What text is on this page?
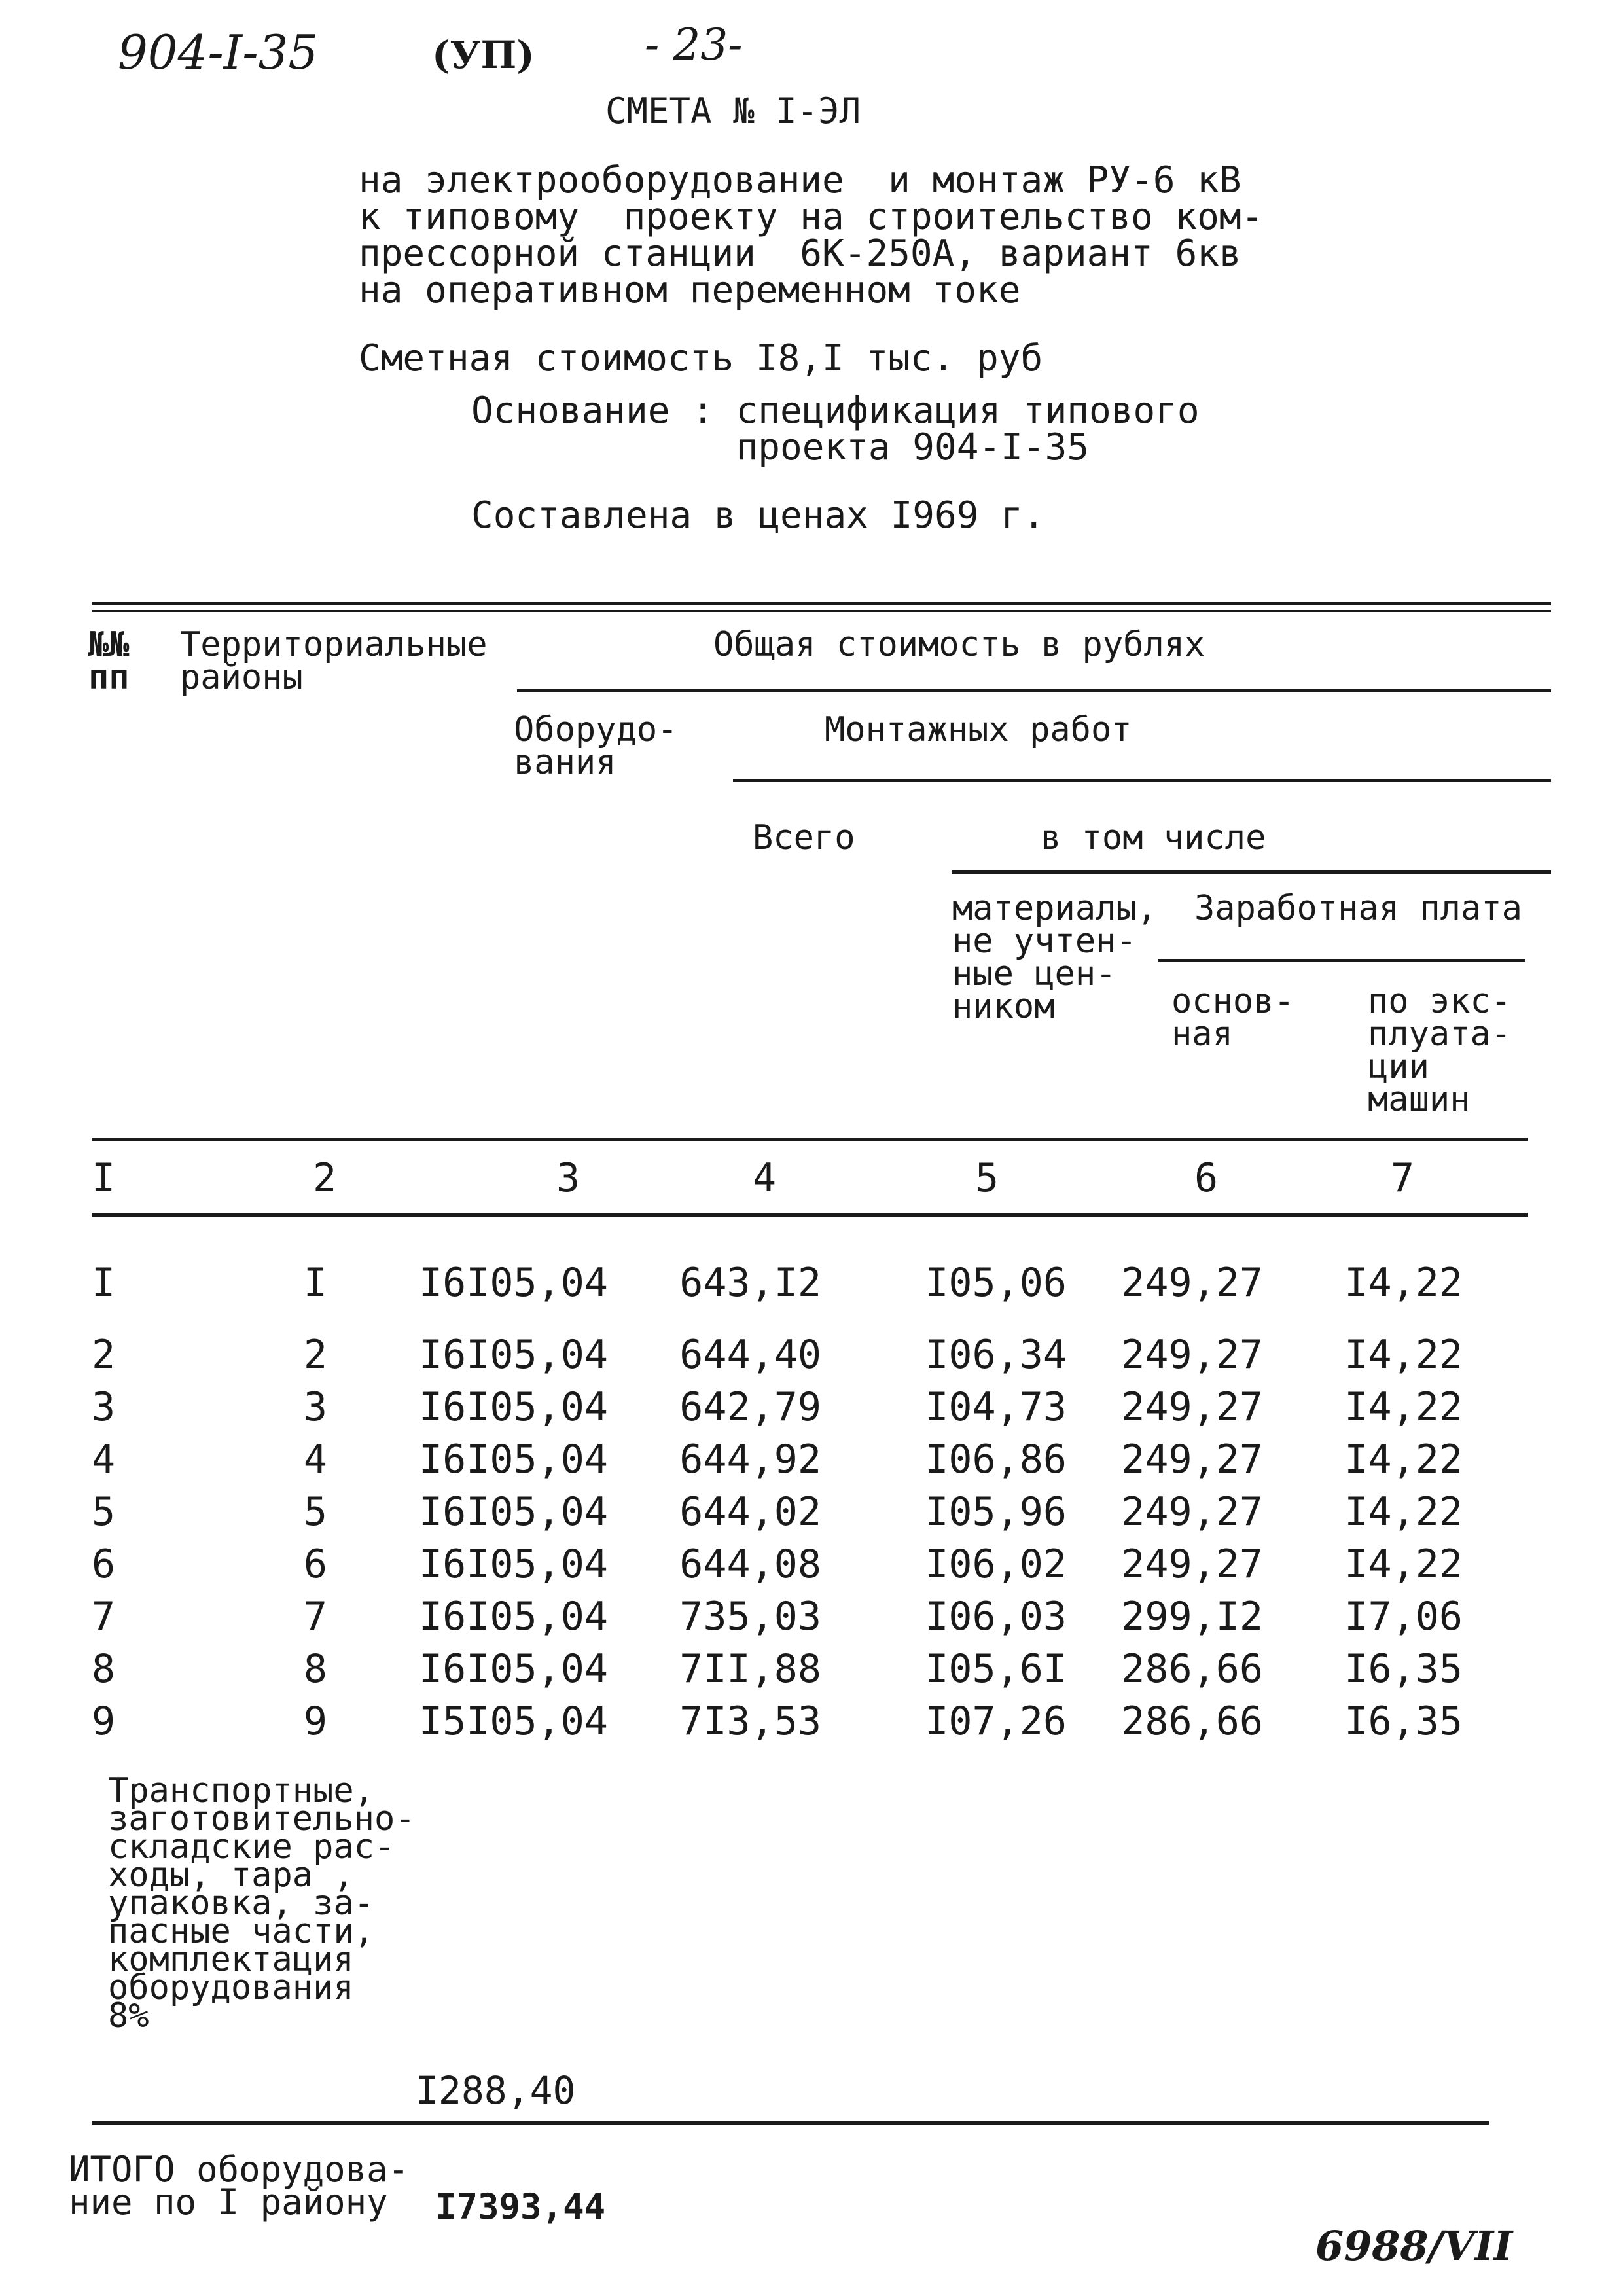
904-I-35	(УП)	- 23-
СМЕТА № I-ЭЛ
на электрооборудование  и монтаж РУ-6 кВ
к типовому  проекту на строительство ком-
прессорной станции  6К-250А, вариант 6кв
на оперативном переменном токе
Сметная стоимость I8,I тыс. руб
Основание : спецификация типового
проекта 904-I-35
Составлена в ценах I969 г.
№№
пп
Территориальные
районы
Общая стоимость в рублях
Оборудо-
вания
Монтажных работ
Всего	в том числе
материалы,
не учтен-
ные цен-
ником
Заработная плата
основ-
ная
по экс-
плуата-
ции
машин
I	2	3	4	5	6	7
I	I I6I05,04	643,I2	I05,06 249,27 I4,22
2	2 I6I05,04	644,40	I06,34 249,27 I4,22
3	3 I6I05,04	642,79	I04,73 249,27 I4,22
4	4 I6I05,04	644,92	I06,86 249,27 I4,22
5	5 I6I05,04	644,02	I05,96 249,27 I4,22
6	6 I6I05,04	644,08	I06,02 249,27 I4,22
7	7 I6I05,04	735,03	I06,03 299,I2 I7,06
8	8 I6I05,04	7II,88	I05,6I 286,66 I6,35
9	9 I5I05,04	7I3,53	I07,26 286,66 I6,35
Транспортные,
заготовительно-
складские рас-
ходы, тара ,
упаковка, за-
пасные части,
комплектация
оборудования
8%
I288,40
ИТОГО оборудова-
ние по I району	I7393,44
6988/VII
